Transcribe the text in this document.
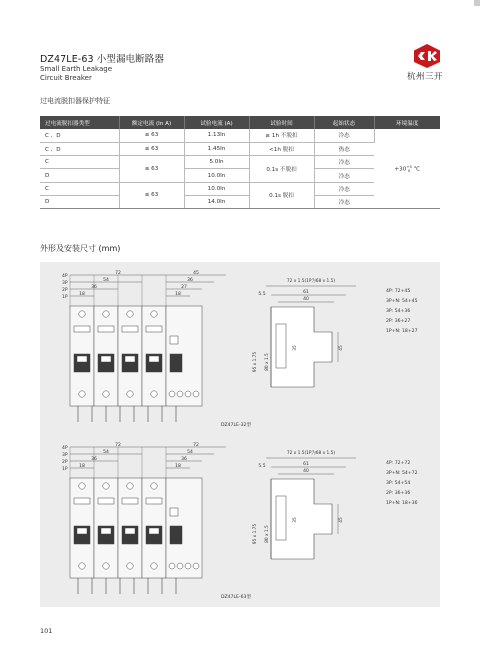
DZ47LE-63 小型漏电断路器
Small Earth Leakage
Circuit Breaker	杭州三开
过电流脱扣器保护特征
过电流脱扣器类型	额定电流 (In A)	试验电流 (A)	试验时间	起始状态	环境温度
C 、D	≤ 63	1.13In	≥ 1h 不脱扣	冷态	+30 +5
0 ℃
C 、D	≤ 63	1.45In	<1h 脱扣	热态	
C	≤ 63	5.0In	0.1s 不脱扣	冷态	
D		10.0In		冷态	
C	≤ 63	10.0In	0.1s 脱扣	冷态	
D		14.0In		冷态	
外形及安装尺寸 (mm)
4P
3P
2P
1P
72
54
36
18
45
36
27
18
72 x 1.5(1P为68 x 1.5)
5.5	61
40
95 x 1.75 80 x 1.5
35	45
4P: 72+45
3P+N: 54+45
3P: 54+36
2P: 36+27
1P+N: 18+27
DZ47LE-32型
4P
3P
2P
1P
72
54
36
18
72
54
36
18
72 x 1.5(1P为68 x 1.5)
5.5	61
40
95 x 1.75 80 x 1.5
35	45
4P: 72+72
3P+N: 54+72
3P: 54+54
2P: 36+36
1P+N: 18+36
DZ47LE-63型
101
